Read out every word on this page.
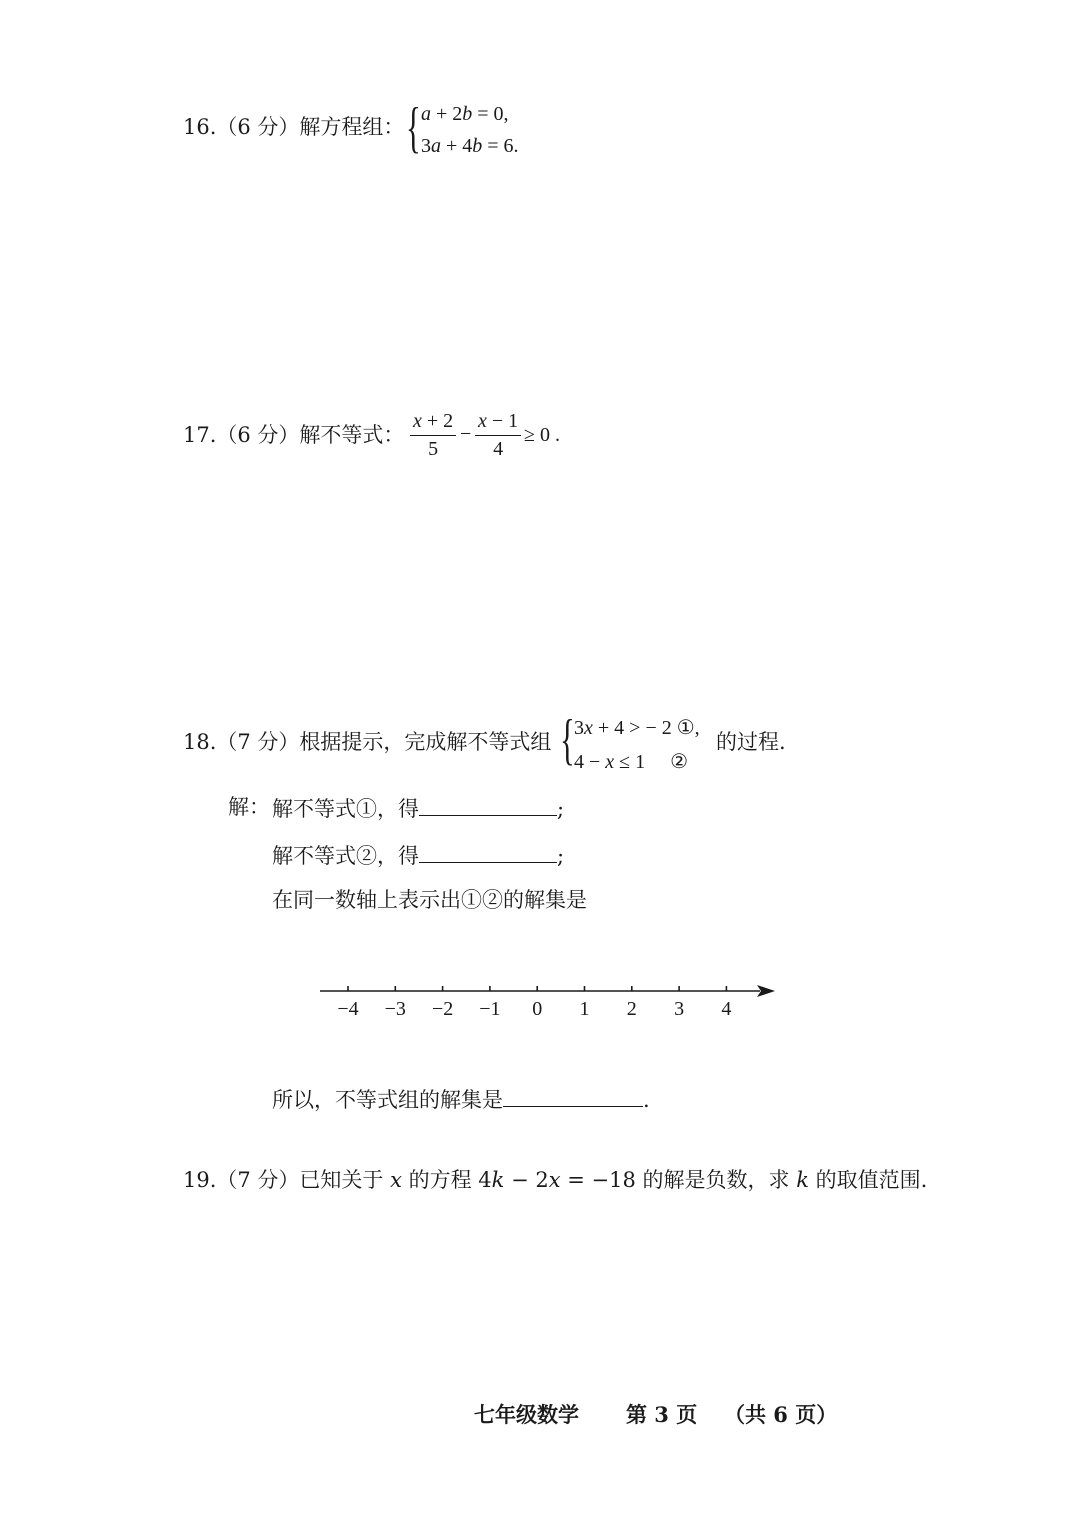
16.（6 分）解方程组： { a + 2b = 0,
3a + 4b = 6.
17.（6 分）解不等式： $\frac{x + 2}{5} - \frac{x - 1}{4} \ge 0$ .
18.（7 分）根据提示，完成解不等式组 { 3x + 4 > − 2 ①,
4 − x ≤ 1     ②
的过程.
解： 解不等式①，得	;
解不等式②，得	;
在同一数轴上表示出①②的解集是
−4 −3 −2 −1 0 1 2 3 4
所以，不等式组的解集是	.
19.（7 分）已知关于 x 的方程 4k − 2x = −18 的解是负数，求 k 的取值范围.
七年级数学 第 3 页 （共 6 页）
